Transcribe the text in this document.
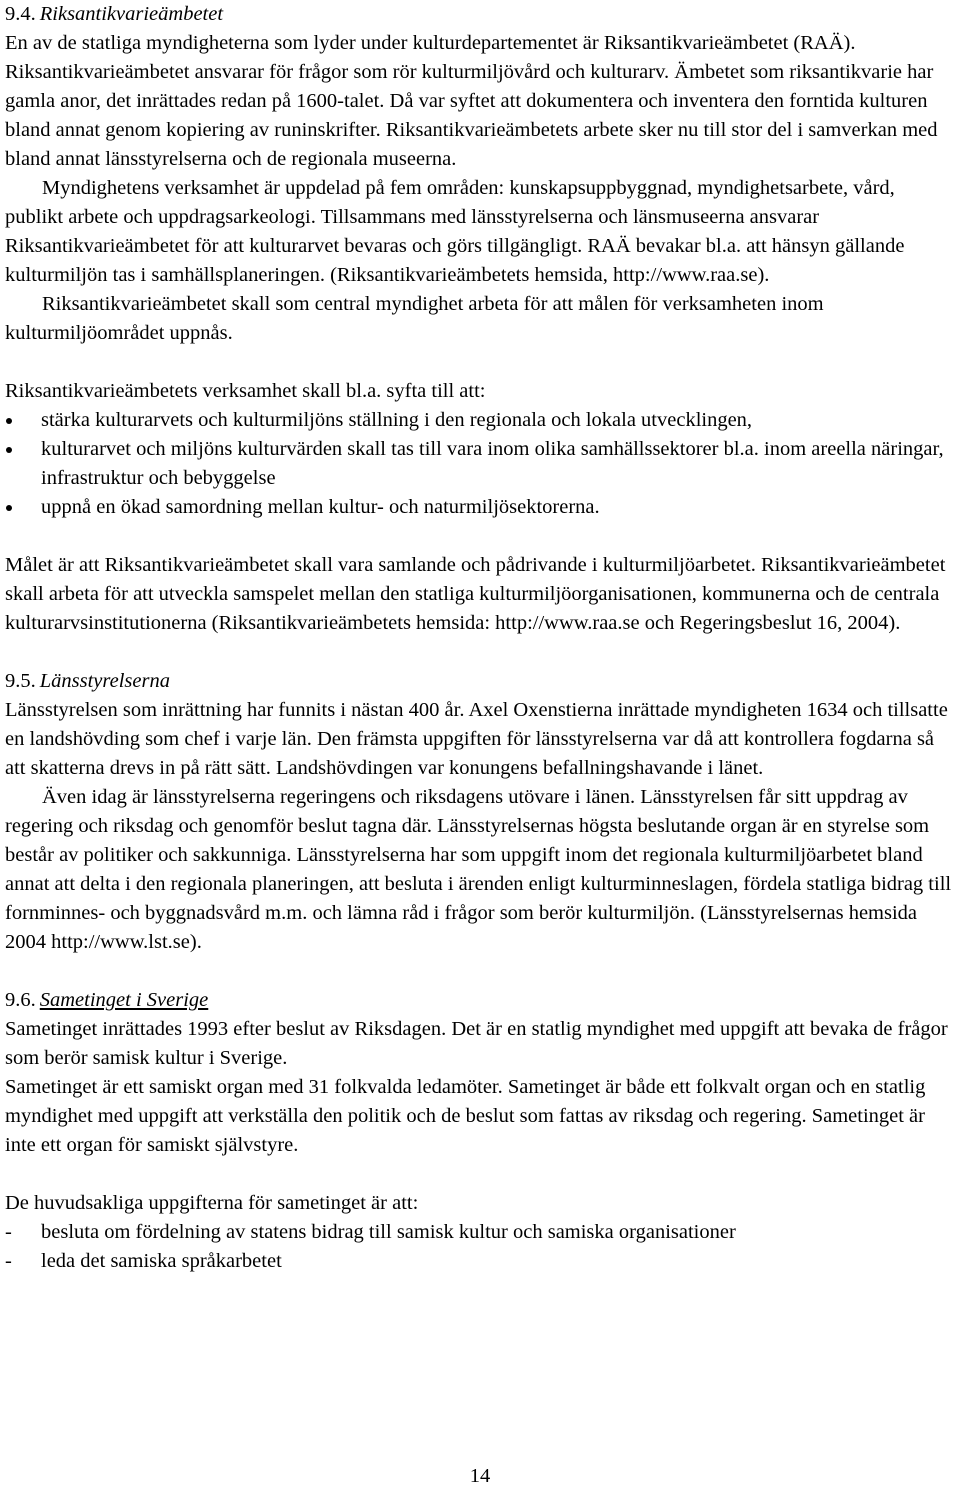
9.4. Riksantikvarieämbetet

En av de statliga myndigheterna som lyder under kulturdepartementet är Riksantikvarieämbetet (RAÄ). Riksantikvarieämbetet ansvarar för frågor som rör kulturmiljövård och kulturarv. Ämbetet som riksantikvarie har gamla anor, det inrättades redan på 1600-talet. Då var syftet att dokumentera och inventera den forntida kulturen bland annat genom kopiering av runinskrifter. Riksantikvarieämbetets arbete sker nu till stor del i samverkan med bland annat länsstyrelserna och de regionala museerna.

Myndighetens verksamhet är uppdelad på fem områden: kunskapsuppbyggnad, myndighetsarbete, vård, publikt arbete och uppdragsarkeologi. Tillsammans med länsstyrelserna och länsmuseerna ansvarar Riksantikvarieämbetet för att kulturarvet bevaras och görs tillgängligt. RAÄ bevakar bl.a. att hänsyn gällande kulturmiljön tas i samhällsplaneringen. (Riksantikvarieämbetets hemsida, http://www.raa.se).

Riksantikvarieämbetet skall som central myndighet arbeta för att målen för verksamheten inom kulturmiljöområdet uppnås.

Riksantikvarieämbetets verksamhet skall bl.a. syfta till att:

stärka kulturarvets och kulturmiljöns ställning i den regionala och lokala utvecklingen,
kulturarvet och miljöns kulturvärden skall tas till vara inom olika samhällssektorer bl.a. inom areella näringar, infrastruktur och bebyggelse
uppnå en ökad samordning mellan kultur- och naturmiljösektorerna.

Målet är att Riksantikvarieämbetet skall vara samlande och pådrivande i kulturmiljöarbetet. Riksantikvarieämbetet skall arbeta för att utveckla samspelet mellan den statliga kulturmiljöorganisationen, kommunerna och de centrala kulturarvsinstitutionerna (Riksantikvarieämbetets hemsida: http://www.raa.se och Regeringsbeslut 16, 2004).

9.5. Länsstyrelserna

Länsstyrelsen som inrättning har funnits i nästan 400 år. Axel Oxenstierna inrättade myndigheten 1634 och tillsatte en landshövding som chef i varje län. Den främsta uppgiften för länsstyrelserna var då att kontrollera fogdarna så att skatterna drevs in på rätt sätt. Landshövdingen var konungens befallningshavande i länet.

Även idag är länsstyrelserna regeringens och riksdagens utövare i länen. Länsstyrelsen får sitt uppdrag av regering och riksdag och genomför beslut tagna där. Länsstyrelsernas högsta beslutande organ är en styrelse som består av politiker och sakkunniga. Länsstyrelserna har som uppgift inom det regionala kulturmiljöarbetet bland annat att delta i den regionala planeringen, att besluta i ärenden enligt kulturminneslagen, fördela statliga bidrag till fornminnes- och byggnadsvård m.m. och lämna råd i frågor som berör kulturmiljön. (Länsstyrelsernas hemsida 2004 http://www.lst.se).

9.6. Sametinget i Sverige

Sametinget inrättades 1993 efter beslut av Riksdagen. Det är en statlig myndighet med uppgift att bevaka de frågor som berör samisk kultur i Sverige.

Sametinget är ett samiskt organ med 31 folkvalda ledamöter. Sametinget är både ett folkvalt organ och en statlig myndighet med uppgift att verkställa den politik och de beslut som fattas av riksdag och regering. Sametinget är inte ett organ för samiskt självstyre.

De huvudsakliga uppgifterna för sametinget är att:

- besluta om fördelning av statens bidrag till samisk kultur och samiska organisationer
- leda det samiska språkarbetet
14
